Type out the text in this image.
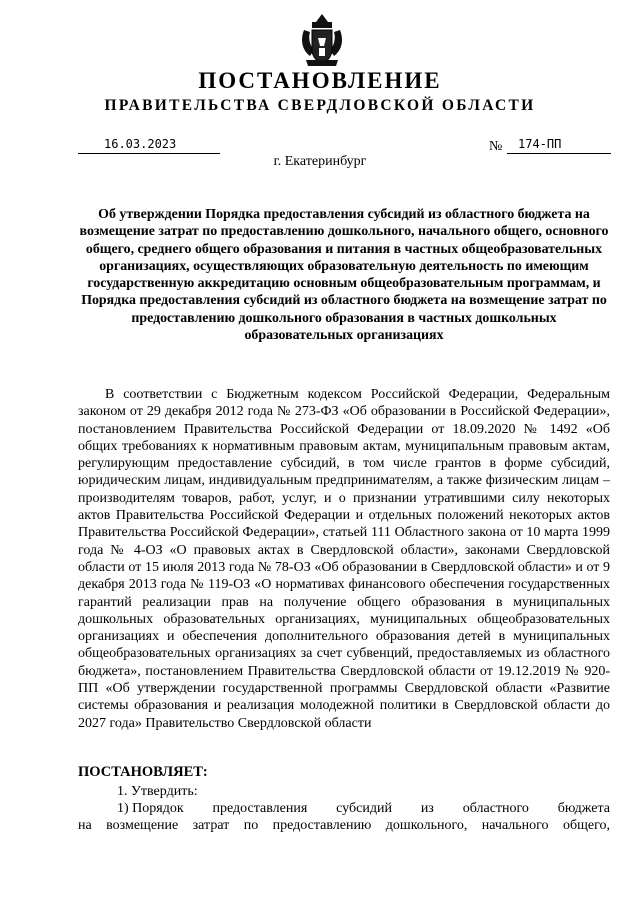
ПОСТАНОВЛЕНИЕ
ПРАВИТЕЛЬСТВА СВЕРДЛОВСКОЙ ОБЛАСТИ
16.03.2023	№	174-ПП
г. Екатеринбург
Об утверждении Порядка предоставления субсидий из областного бюджета на возмещение затрат по предоставлению дошкольного, начального общего, основного общего, среднего общего образования и питания в частных общеобразовательных организациях, осуществляющих образовательную деятельность по имеющим государственную аккредитацию основным общеобразовательным программам, и Порядка предоставления субсидий из областного бюджета на возмещение затрат по предоставлению дошкольного образования в частных дошкольных образовательных организациях
В соответствии с Бюджетным кодексом Российской Федерации, Федеральным законом от 29 декабря 2012 года № 273-ФЗ «Об образовании в Российской Федерации», постановлением Правительства Российской Федерации от 18.09.2020 № 1492 «Об общих требованиях к нормативным правовым актам, муниципальным правовым актам, регулирующим предоставление субсидий, в том числе грантов в форме субсидий, юридическим лицам, индивидуальным предпринимателям, а также физическим лицам – производителям товаров, работ, услуг, и о признании утратившими силу некоторых актов Правительства Российской Федерации и отдельных положений некоторых актов Правительства Российской Федерации», статьей 111 Областного закона от 10 марта 1999 года № 4-ОЗ «О правовых актах в Свердловской области», законами Свердловской области от 15 июля 2013 года № 78-ОЗ «Об образовании в Свердловской области» и от 9 декабря 2013 года № 119-ОЗ «О нормативах финансового обеспечения государственных гарантий реализации прав на получение общего образования в муниципальных дошкольных образовательных организациях, муниципальных общеобразовательных организациях и обеспечения дополнительного образования детей в муниципальных общеобразовательных организациях за счет субвенций, предоставляемых из областного бюджета», постановлением Правительства Свердловской области от 19.12.2019 № 920-ПП «Об утверждении государственной программы Свердловской области «Развитие системы образования и реализация молодежной политики в Свердловской области до 2027 года» Правительство Свердловской области
ПОСТАНОВЛЯЕТ:
1. Утвердить:
1) Порядок предоставления субсидий из областного бюджета
на возмещение затрат по предоставлению дошкольного, начального общего,
